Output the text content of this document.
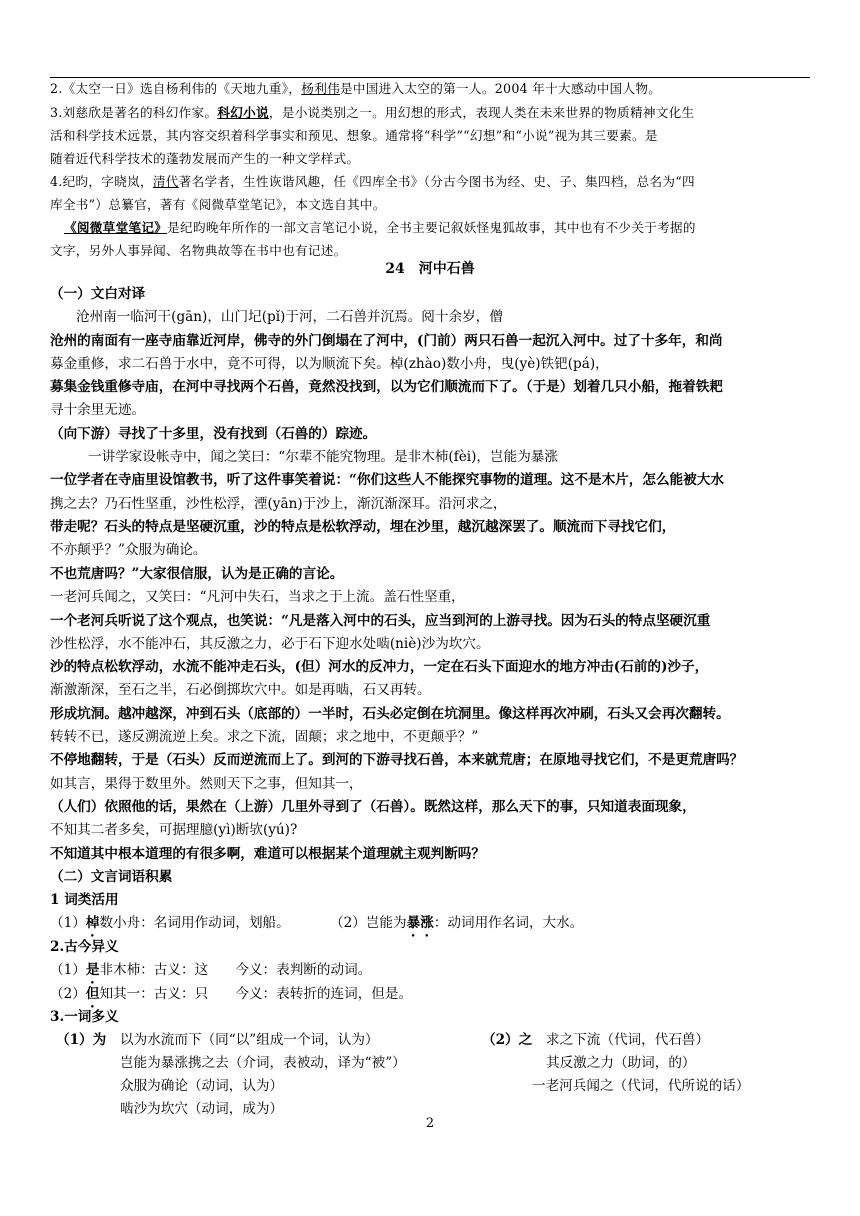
2.《太空一日》选自杨利伟的《天地九重》，杨利伟是中国进入太空的第一人。2004 年十大感动中国人物。
3.刘慈欣是著名的科幻作家。科幻小说，是小说类别之一。用幻想的形式，表现人类在未来世界的物质精神文化生
活和科学技术远景，其内容交织着科学事实和预见、想象。通常将“科学”“幻想”和“小说”视为其三要素。是
随着近代科学技术的蓬勃发展而产生的一种文学样式。
4.纪昀，字晓岚，清代著名学者，生性诙谐风趣，任《四库全书》（分古今图书为经、史、子、集四档，总名为“四
库全书”）总纂官，著有《阅微草堂笔记》，本文选自其中。
《阅微草堂笔记》是纪昀晚年所作的一部文言笔记小说，全书主要记叙妖怪鬼狐故事，其中也有不少关于考据的
文字，另外人事异闻、名物典故等在书中也有记述。
24　河中石兽
（一）文白对译
沧州南一临河干(gān)，山门圮(pǐ)于河，二石兽并沉焉。阅十余岁，僧
沧州的南面有一座寺庙靠近河岸，佛寺的外门倒塌在了河中，(门前）两只石兽一起沉入河中。过了十多年，和尚
募金重修，求二石兽于水中，竟不可得，以为顺流下矣。棹(zhào)数小舟，曳(yè)铁钯(pá)，
募集金钱重修寺庙，在河中寻找两个石兽，竟然没找到，以为它们顺流而下了。（于是）划着几只小船，拖着铁耙
寻十余里无迹。
（向下游）寻找了十多里，没有找到（石兽的）踪迹。
一讲学家设帐寺中，闻之笑曰：“尔辈不能究物理。是非木杮(fèi)，岂能为暴涨
一位学者在寺庙里设馆教书，听了这件事笑着说：“你们这些人不能探究事物的道理。这不是木片，怎么能被大水
携之去？乃石性坚重，沙性松浮，湮(yān)于沙上，渐沉渐深耳。沿河求之，
带走呢？石头的特点是坚硬沉重，沙的特点是松软浮动，埋在沙里，越沉越深罢了。顺流而下寻找它们，
不亦颠乎？”众服为确论。
不也荒唐吗？”大家很信服，认为是正确的言论。
一老河兵闻之，又笑曰：“凡河中失石，当求之于上流。盖石性坚重，
一个老河兵听说了这个观点，也笑说：“凡是落入河中的石头，应当到河的上游寻找。因为石头的特点坚硬沉重
沙性松浮，水不能冲石，其反激之力，必于石下迎水处啮(niè)沙为坎穴。
沙的特点松软浮动，水流不能冲走石头，(但）河水的反冲力，一定在石头下面迎水的地方冲击(石前的)沙子，
渐激渐深，至石之半，石必倒掷坎穴中。如是再啮，石又再转。
形成坑洞。越冲越深，冲到石头（底部的）一半时，石头必定倒在坑洞里。像这样再次冲刷，石头又会再次翻转。
转转不已，遂反溯流逆上矣。求之下流，固颠；求之地中，不更颠乎？”
不停地翻转，于是（石头）反而逆流而上了。到河的下游寻找石兽，本来就荒唐；在原地寻找它们，不是更荒唐吗？
如其言，果得于数里外。然则天下之事，但知其一，
（人们）依照他的话，果然在（上游）几里外寻到了（石兽）。既然这样，那么天下的事，只知道表面现象，
不知其二者多矣，可据理臆(yì)断欤(yú)?
不知道其中根本道理的有很多啊，难道可以根据某个道理就主观判断吗？
（二）文言词语积累
1 词类活用
（1）棹数小舟：名词用作动词，划船。	（2）岂能为暴涨：动词用作名词，大水。
2.古今异义
（1）是非木杮：古义：这　　今义：表判断的动词。
（2）但知其一：古义：只　　今义：表转折的连词，但是。
3.一词多义
（1）为 以为水流而下（同“以”组成一个词，认为）
岂能为暴涨携之去（介词，表被动，译为“被”）
众服为确论（动词，认为）
啮沙为坎穴（动词，成为）
（2）之 求之下流（代词，代石兽）
其反激之力（助词，的）
一老河兵闻之（代词，代所说的话）
2
